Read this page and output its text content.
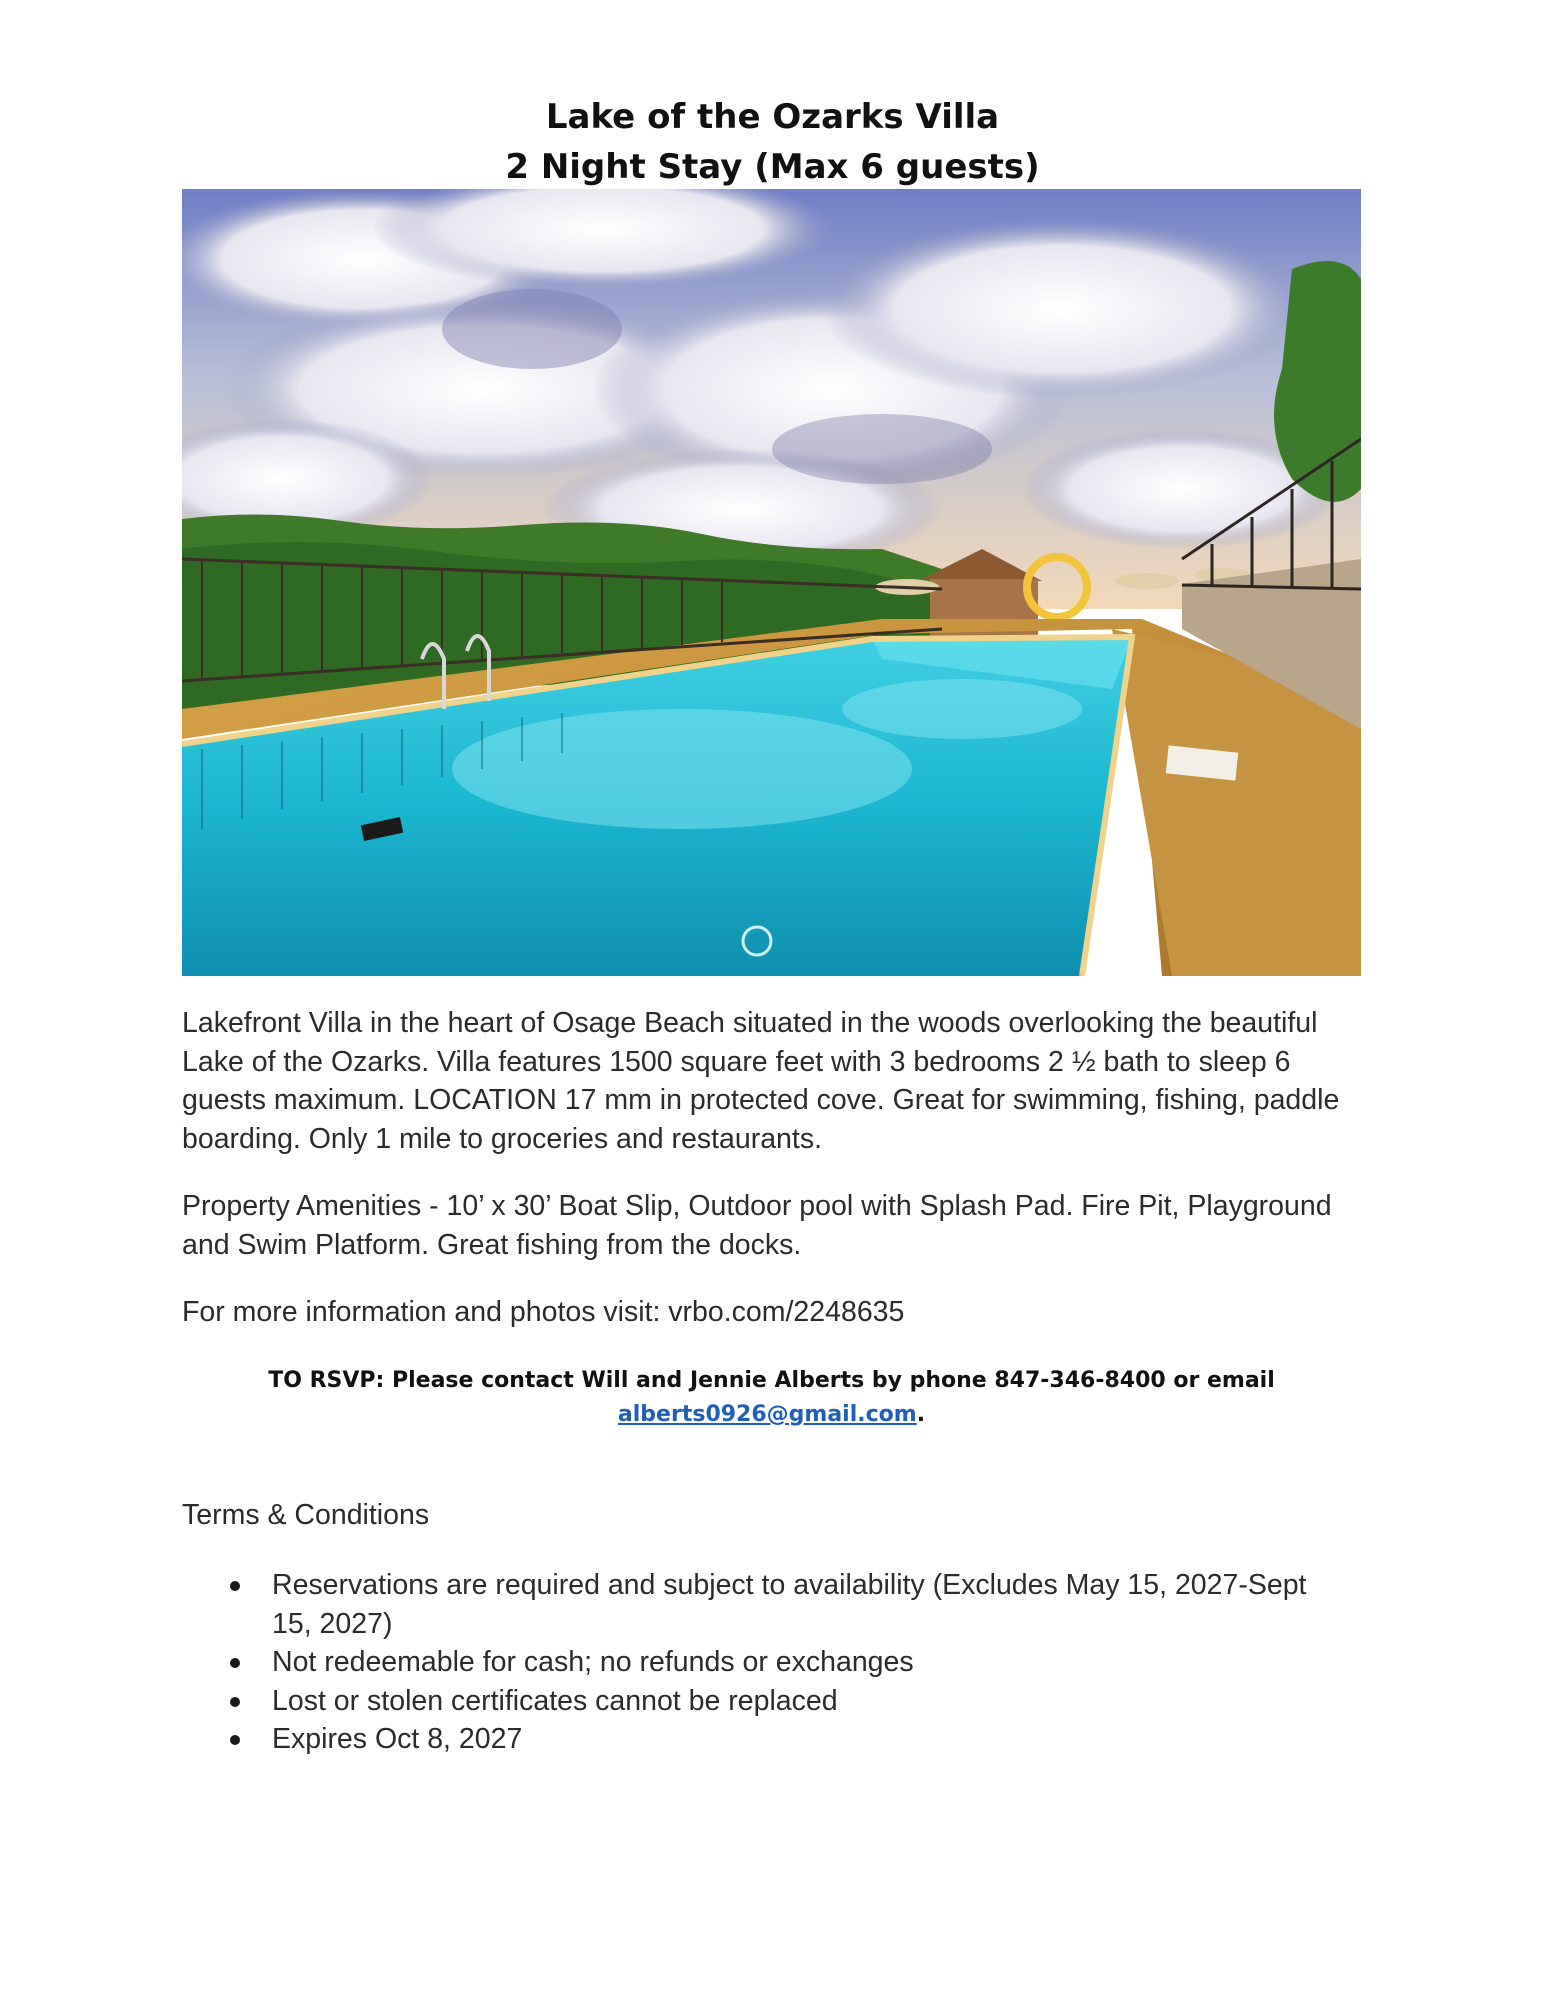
Lake of the Ozarks Villa
2 Night Stay (Max 6 guests)

Lakefront Villa in the heart of Osage Beach situated in the woods overlooking the beautiful Lake of the Ozarks. Villa features 1500 square feet with 3 bedrooms 2 ½ bath to sleep 6 guests maximum. LOCATION 17 mm in protected cove. Great for swimming, fishing, paddle boarding. Only 1 mile to groceries and restaurants.

Property Amenities - 10’ x 30’ Boat Slip, Outdoor pool with Splash Pad. Fire Pit, Playground and Swim Platform. Great fishing from the docks.

For more information and photos visit: vrbo.com/2248635

TO RSVP: Please contact Will and Jennie Alberts by phone 847-346-8400 or email
alberts0926@gmail.com.
Terms & Conditions
Reservations are required and subject to availability (Excludes May 15, 2027-Sept 15, 2027)
Not redeemable for cash; no refunds or exchanges
Lost or stolen certificates cannot be replaced
Expires Oct 8, 2027
